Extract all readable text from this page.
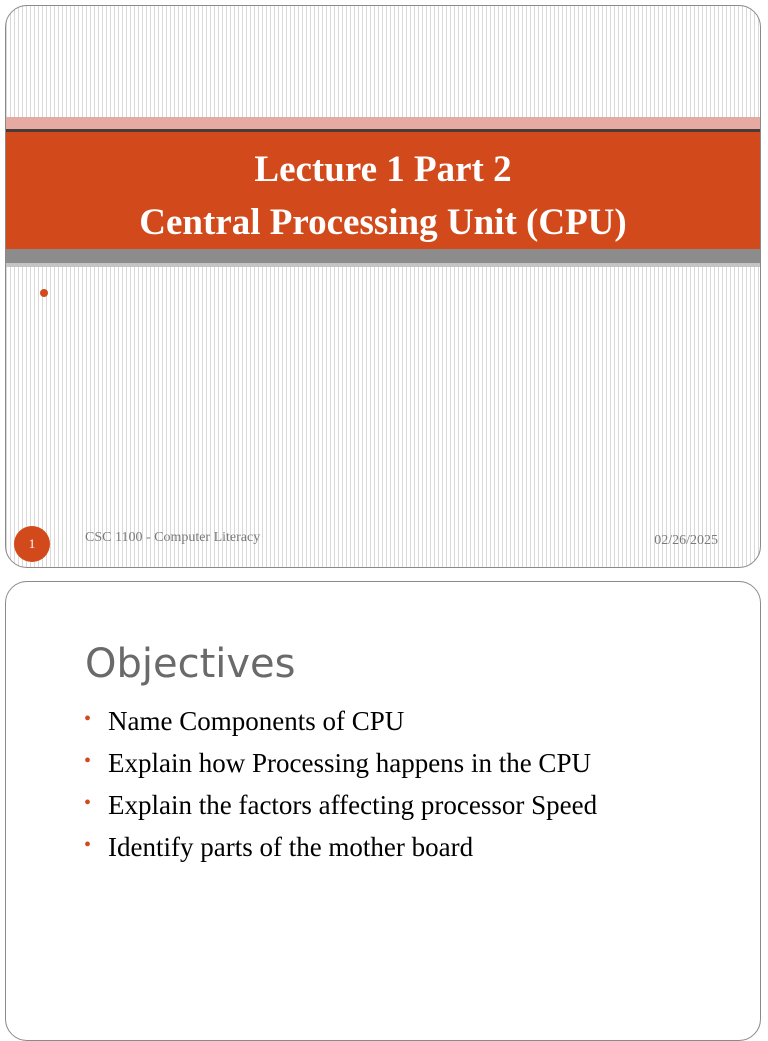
Lecture 1 Part 2
Central Processing Unit (CPU)
1	CSC 1100 - Computer Literacy	02/26/2025
Objectives
• Name Components of CPU
• Explain how Processing happens in the CPU
• Explain the factors affecting processor Speed
• Identify parts of the mother board
